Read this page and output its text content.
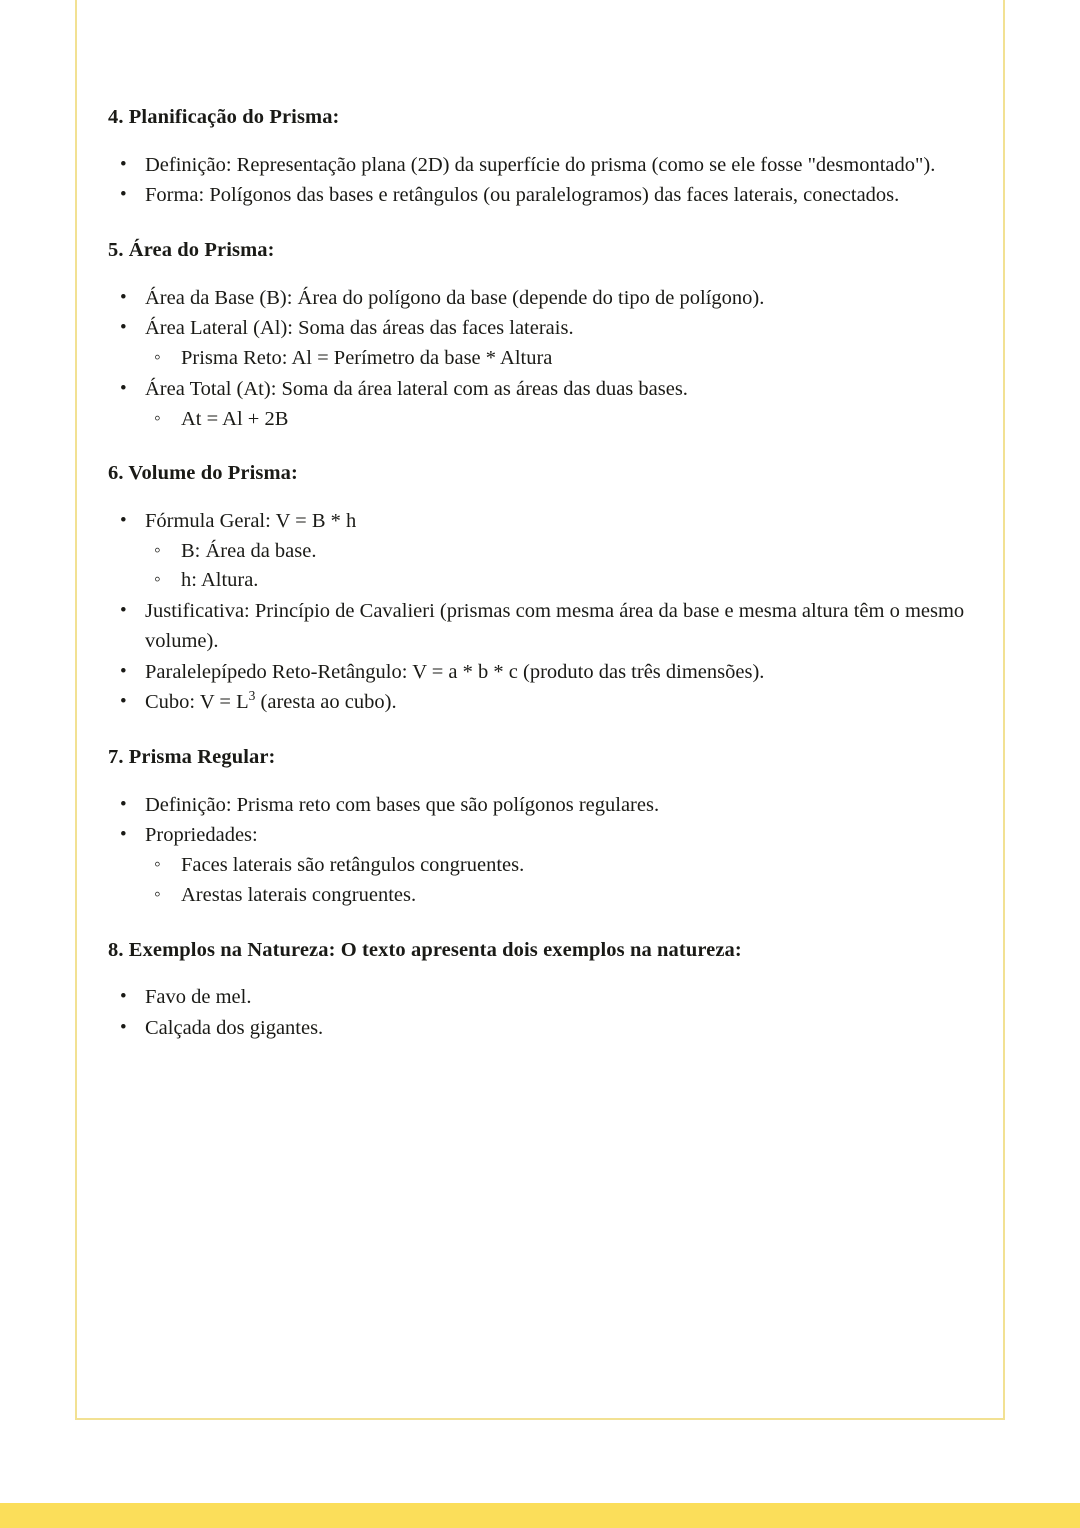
4. Planificação do Prisma:
• Definição: Representação plana (2D) da superfície do prisma (como se ele fosse "desmontado").
• Forma: Polígonos das bases e retângulos (ou paralelogramos) das faces laterais, conectados.
5. Área do Prisma:
• Área da Base (B): Área do polígono da base (depende do tipo de polígono).
• Área Lateral (Al): Soma das áreas das faces laterais.
◦ Prisma Reto: Al = Perímetro da base * Altura
• Área Total (At): Soma da área lateral com as áreas das duas bases.
◦ At = Al + 2B
6. Volume do Prisma:
• Fórmula Geral: V = B * h
◦ B: Área da base.
◦ h: Altura.
• Justificativa: Princípio de Cavalieri (prismas com mesma área da base e mesma altura têm o mesmo volume).
• Paralelepípedo Reto-Retângulo: V = a * b * c (produto das três dimensões).
• Cubo: $V = L^3$ (aresta ao cubo).
7. Prisma Regular:
• Definição: Prisma reto com bases que são polígonos regulares.
• Propriedades:
◦ Faces laterais são retângulos congruentes.
◦ Arestas laterais congruentes.
8. Exemplos na Natureza: O texto apresenta dois exemplos na natureza:
• Favo de mel.
• Calçada dos gigantes.
